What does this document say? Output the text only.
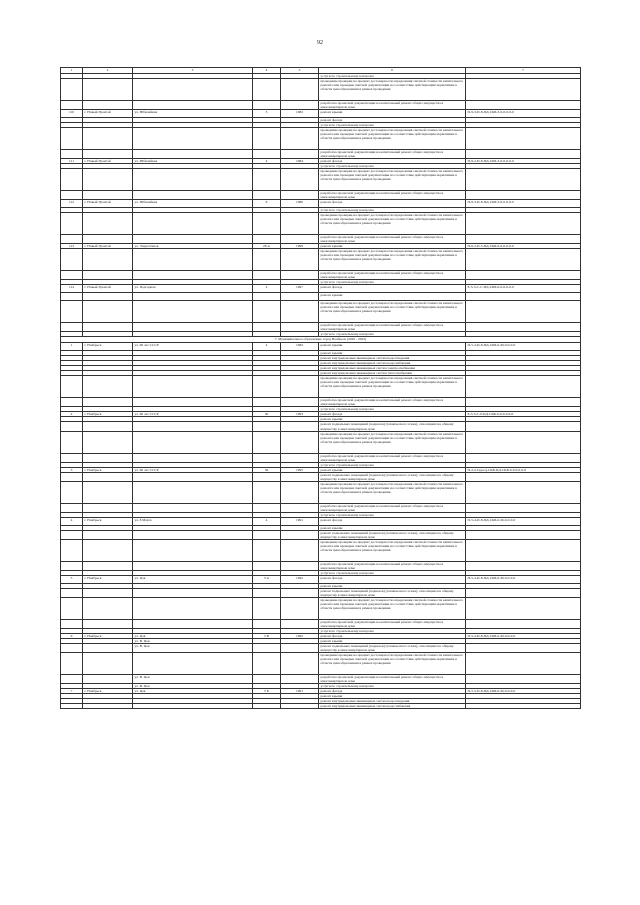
92
1	2	3	4	5	6	7
					услуги по строительному контролю	
					проведение проверки на предмет достоверности определения сметной стоимости капитального ремонта или проверки сметной документации на соответствие действующим нормативам в области ценообразования в рамках проведения	
					разработка проектной документации на капитальный ремонт общего имущества в многоквартирном доме	
110	г. Новый Уренгой	ул. Юбилейная	3	1982	ремонт крыши	П-9-3-П-8-ПД-СКБ-3-0-0-0-0-0
					ремонт фасада	
					услуги по строительному контролю	
					проведение проверки на предмет достоверности определения сметной стоимости капитального ремонта или проверки сметной документации на соответствие действующим нормативам в области ценообразования в рамках проведения	
					разработка проектной документации на капитальный ремонт общего имущества в многоквартирном доме	
111	г. Новый Уренгой	ул. Юбилейная	4	1984	ремонт фасада	П-9-2-П-8-ПД-СКБ-3-0-0-0-0-0
					услуги по строительному контролю	
					проведение проверки на предмет достоверности определения сметной стоимости капитального ремонта или проверки сметной документации на соответствие действующим нормативам в области ценообразования в рамках проведения	
					разработка проектной документации на капитальный ремонт общего имущества в многоквартирном доме	
112	г. Новый Уренгой	ул. Юбилейная	6	1986	ремонт фасада	П-9-3-П-8-ПД-СКБ-3-0-0-0-0-0
					услуги по строительному контролю	
					проведение проверки на предмет достоверности определения сметной стоимости капитального ремонта или проверки сметной документации на соответствие действующим нормативам в области ценообразования в рамках проведения	
					разработка проектной документации на капитальный ремонт общего имущества в многоквартирном доме	
113	г. Новый Уренгой	ул. Энергетиков	28 А	1999	ремонт крыши	П-6-2-П-5-ПД-СКБ-6-0-0-0-0-0
					проведение проверки на предмет достоверности определения сметной стоимости капитального ремонта или проверки сметной документации на соответствие действующим нормативам в области ценообразования в рамках проведения	
					разработка проектной документации на капитальный ремонт общего имущества в многоквартирном доме	
					услуги по строительному контролю	
114	г. Новый Уренгой	ул. Подгорная	2	1997	ремонт фасада	Е-3-3-С-С-ПД-СКБ-0-0-0-0-0-0
					ремонт крыши	
					проведение проверки на предмет достоверности определения сметной стоимости капитального ремонта или проверки сметной документации на соответствие действующим нормативам в области ценообразования в рамках проведения	
					разработка проектной документации на капитальный ремонт общего имущества в многоквартирном доме	
					услуги по строительному контролю	
7. Муниципальное образование город Ноябрьск (2020 - 2022)						
1	г. Ноябрьск	ул. 60 лет СССР	4	1982	ремонт крыши	П-5-4-П-8-ПД-СКБ-0-М-0-0-0-0
					ремонт крыши	
					ремонт внутридомовых инженерных систем водоотведения	
					ремонт внутридомовых инженерных систем водоснабжения	
					ремонт внутридомовых инженерных систем электроснабжения	
					ремонт внутридомовых инженерных систем теплоснабжения	
					проведение проверки на предмет достоверности определения сметной стоимости капитального ремонта или проверки сметной документации на соответствие действующим нормативам в области ценообразования в рамках проведения	
					разработка проектной документации на капитальный ремонт общего имущества в многоквартирном доме	
					услуги по строительному контролю	
2	г. Ноябрьск	ул. 60 лет СССР	50	1993	ремонт фасада	Е-3-3-С-0-ПД-СКБ-0-0-0-0-0-0
					ремонт крыши	
					ремонт подвальных помещений (подвалов) (технического этажа), относящихся к общему имуществу в многоквартирном доме	
					проведение проверки на предмет достоверности определения сметной стоимости капитального ремонта или проверки сметной документации на соответствие действующим нормативам в области ценообразования в рамках проведения	
					разработка проектной документации на капитальный ремонт общего имущества в многоквартирном доме	
					услуги по строительному контролю	
3	г. Ноябрьск	ул. 60 лет СССР	56	1995	ремонт крыши	П-2-2-С(нео)-СКБ-ПД-СКБ-0-0-0-0-0-0
					ремонт подвальных помещений (подвалов) (технического этажа), относящихся к общему имуществу в многоквартирном доме	
					проведение проверки на предмет достоверности определения сметной стоимости капитального ремонта или проверки сметной документации на соответствие действующим нормативам в области ценообразования в рамках проведения	
					разработка проектной документации на капитальный ремонт общего имущества в многоквартирном доме	
					услуги по строительному контролю	
4	г. Ноябрьск	ул. 8 Марта	4	1991	ремонт фасада	П-5-4-П-8-ПД-СКБ-0-М-0-0-0-0
					ремонт крыши	
					ремонт подвальных помещений (подвалов) (технического этажа), относящихся к общему имуществу в многоквартирном доме	
					проведение проверки на предмет достоверности определения сметной стоимости капитального ремонта или проверки сметной документации на соответствие действующим нормативам в области ценообразования в рамках проведения	
					разработка проектной документации на капитальный ремонт общего имущества в многоквартирном доме	
					услуги по строительному контролю	
5	г. Ноябрьск	ул. Цоя	3 А	1992	ремонт фасада	П-5-4-П-8-ПД-СКБ-0-М-0-0-0-0
					ремонт крыши	
					ремонт подвальных помещений (подвалов) (технического этажа), относящихся к общему имуществу в многоквартирном доме	
					проведение проверки на предмет достоверности определения сметной стоимости капитального ремонта или проверки сметной документации на соответствие действующим нормативам в области ценообразования в рамках проведения	
					разработка проектной документации на капитальный ремонт общего имущества в многоквартирном доме	
					услуги по строительному контролю	
6	г. Ноябрьск	ул. Цоя	5 В	1992	ремонт фасада	П-5-4-П-8-ПД-СКБ-0-М-0-0-0-0
		ул. В. Цоя			ремонт крыши	
		ул. В. Цоя			ремонт подвальных помещений (подвалов) (технического этажа), относящихся к общему имуществу в многоквартирном доме	
					проведение проверки на предмет достоверности определения сметной стоимости капитального ремонта или проверки сметной документации на соответствие действующим нормативам в области ценообразования в рамках проведения	
		ул. В. Цоя			разработка проектной документации на капитальный ремонт общего имущества в многоквартирном доме	
		ул. В. Цоя			услуги по строительному контролю	
7	г. Ноябрьск	ул. Цоя	5 Б	1991	ремонт фасада	П-5-5-П-8-ПД-СКБ-0-М-0-0-0-0
					ремонт крыши	
					ремонт внутридомовых инженерных систем водоотведения	
					ремонт внутридомовых инженерных систем водоснабжения	
